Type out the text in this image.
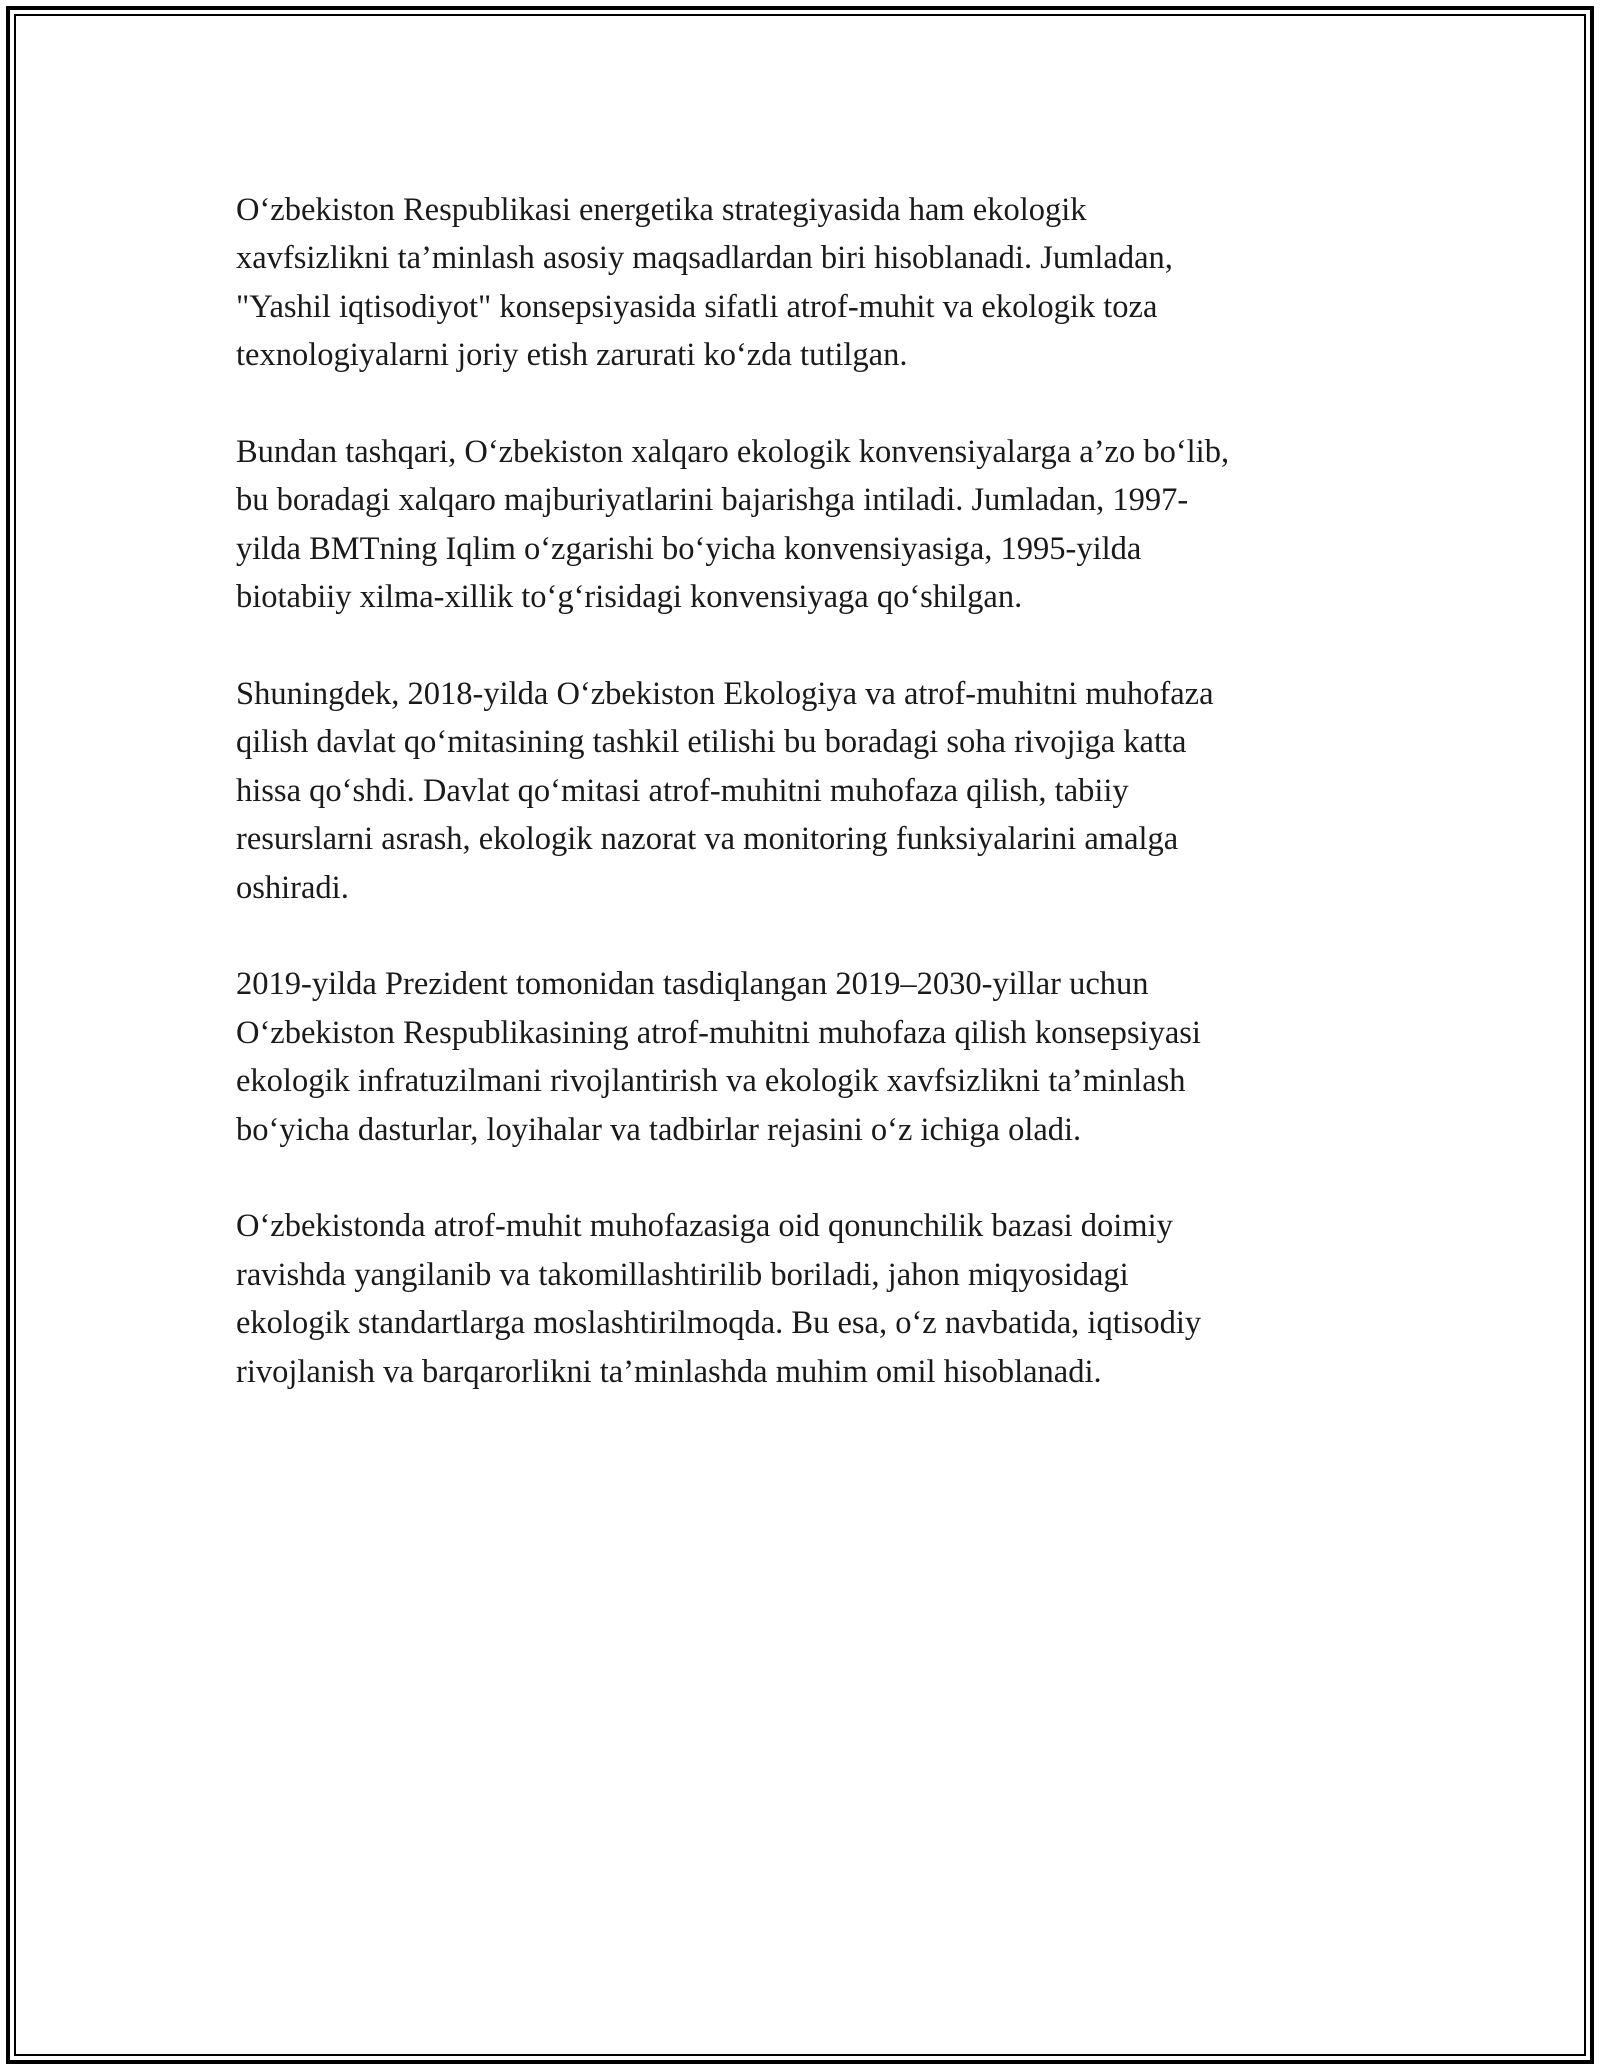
O‘zbekiston Respublikasi energetika strategiyasida ham ekologik
xavfsizlikni ta’minlash asosiy maqsadlardan biri hisoblanadi. Jumladan,
"Yashil iqtisodiyot" konsepsiyasida sifatli atrof-muhit va ekologik toza
texnologiyalarni joriy etish zarurati ko‘zda tutilgan.

Bundan tashqari, O‘zbekiston xalqaro ekologik konvensiyalarga a’zo bo‘lib,
bu boradagi xalqaro majburiyatlarini bajarishga intiladi. Jumladan, 1997-
yilda BMTning Iqlim o‘zgarishi bo‘yicha konvensiyasiga, 1995-yilda
biotabiiy xilma-xillik to‘g‘risidagi konvensiyaga qo‘shilgan.

Shuningdek, 2018-yilda O‘zbekiston Ekologiya va atrof-muhitni muhofaza
qilish davlat qo‘mitasining tashkil etilishi bu boradagi soha rivojiga katta
hissa qo‘shdi. Davlat qo‘mitasi atrof-muhitni muhofaza qilish, tabiiy
resurslarni asrash, ekologik nazorat va monitoring funksiyalarini amalga
oshiradi.

2019-yilda Prezident tomonidan tasdiqlangan 2019–2030-yillar uchun
O‘zbekiston Respublikasining atrof-muhitni muhofaza qilish konsepsiyasi
ekologik infratuzilmani rivojlantirish va ekologik xavfsizlikni ta’minlash
bo‘yicha dasturlar, loyihalar va tadbirlar rejasini o‘z ichiga oladi.

O‘zbekistonda atrof-muhit muhofazasiga oid qonunchilik bazasi doimiy
ravishda yangilanib va takomillashtirilib boriladi, jahon miqyosidagi
ekologik standartlarga moslashtirilmoqda. Bu esa, o‘z navbatida, iqtisodiy
rivojlanish va barqarorlikni ta’minlashda muhim omil hisoblanadi.
